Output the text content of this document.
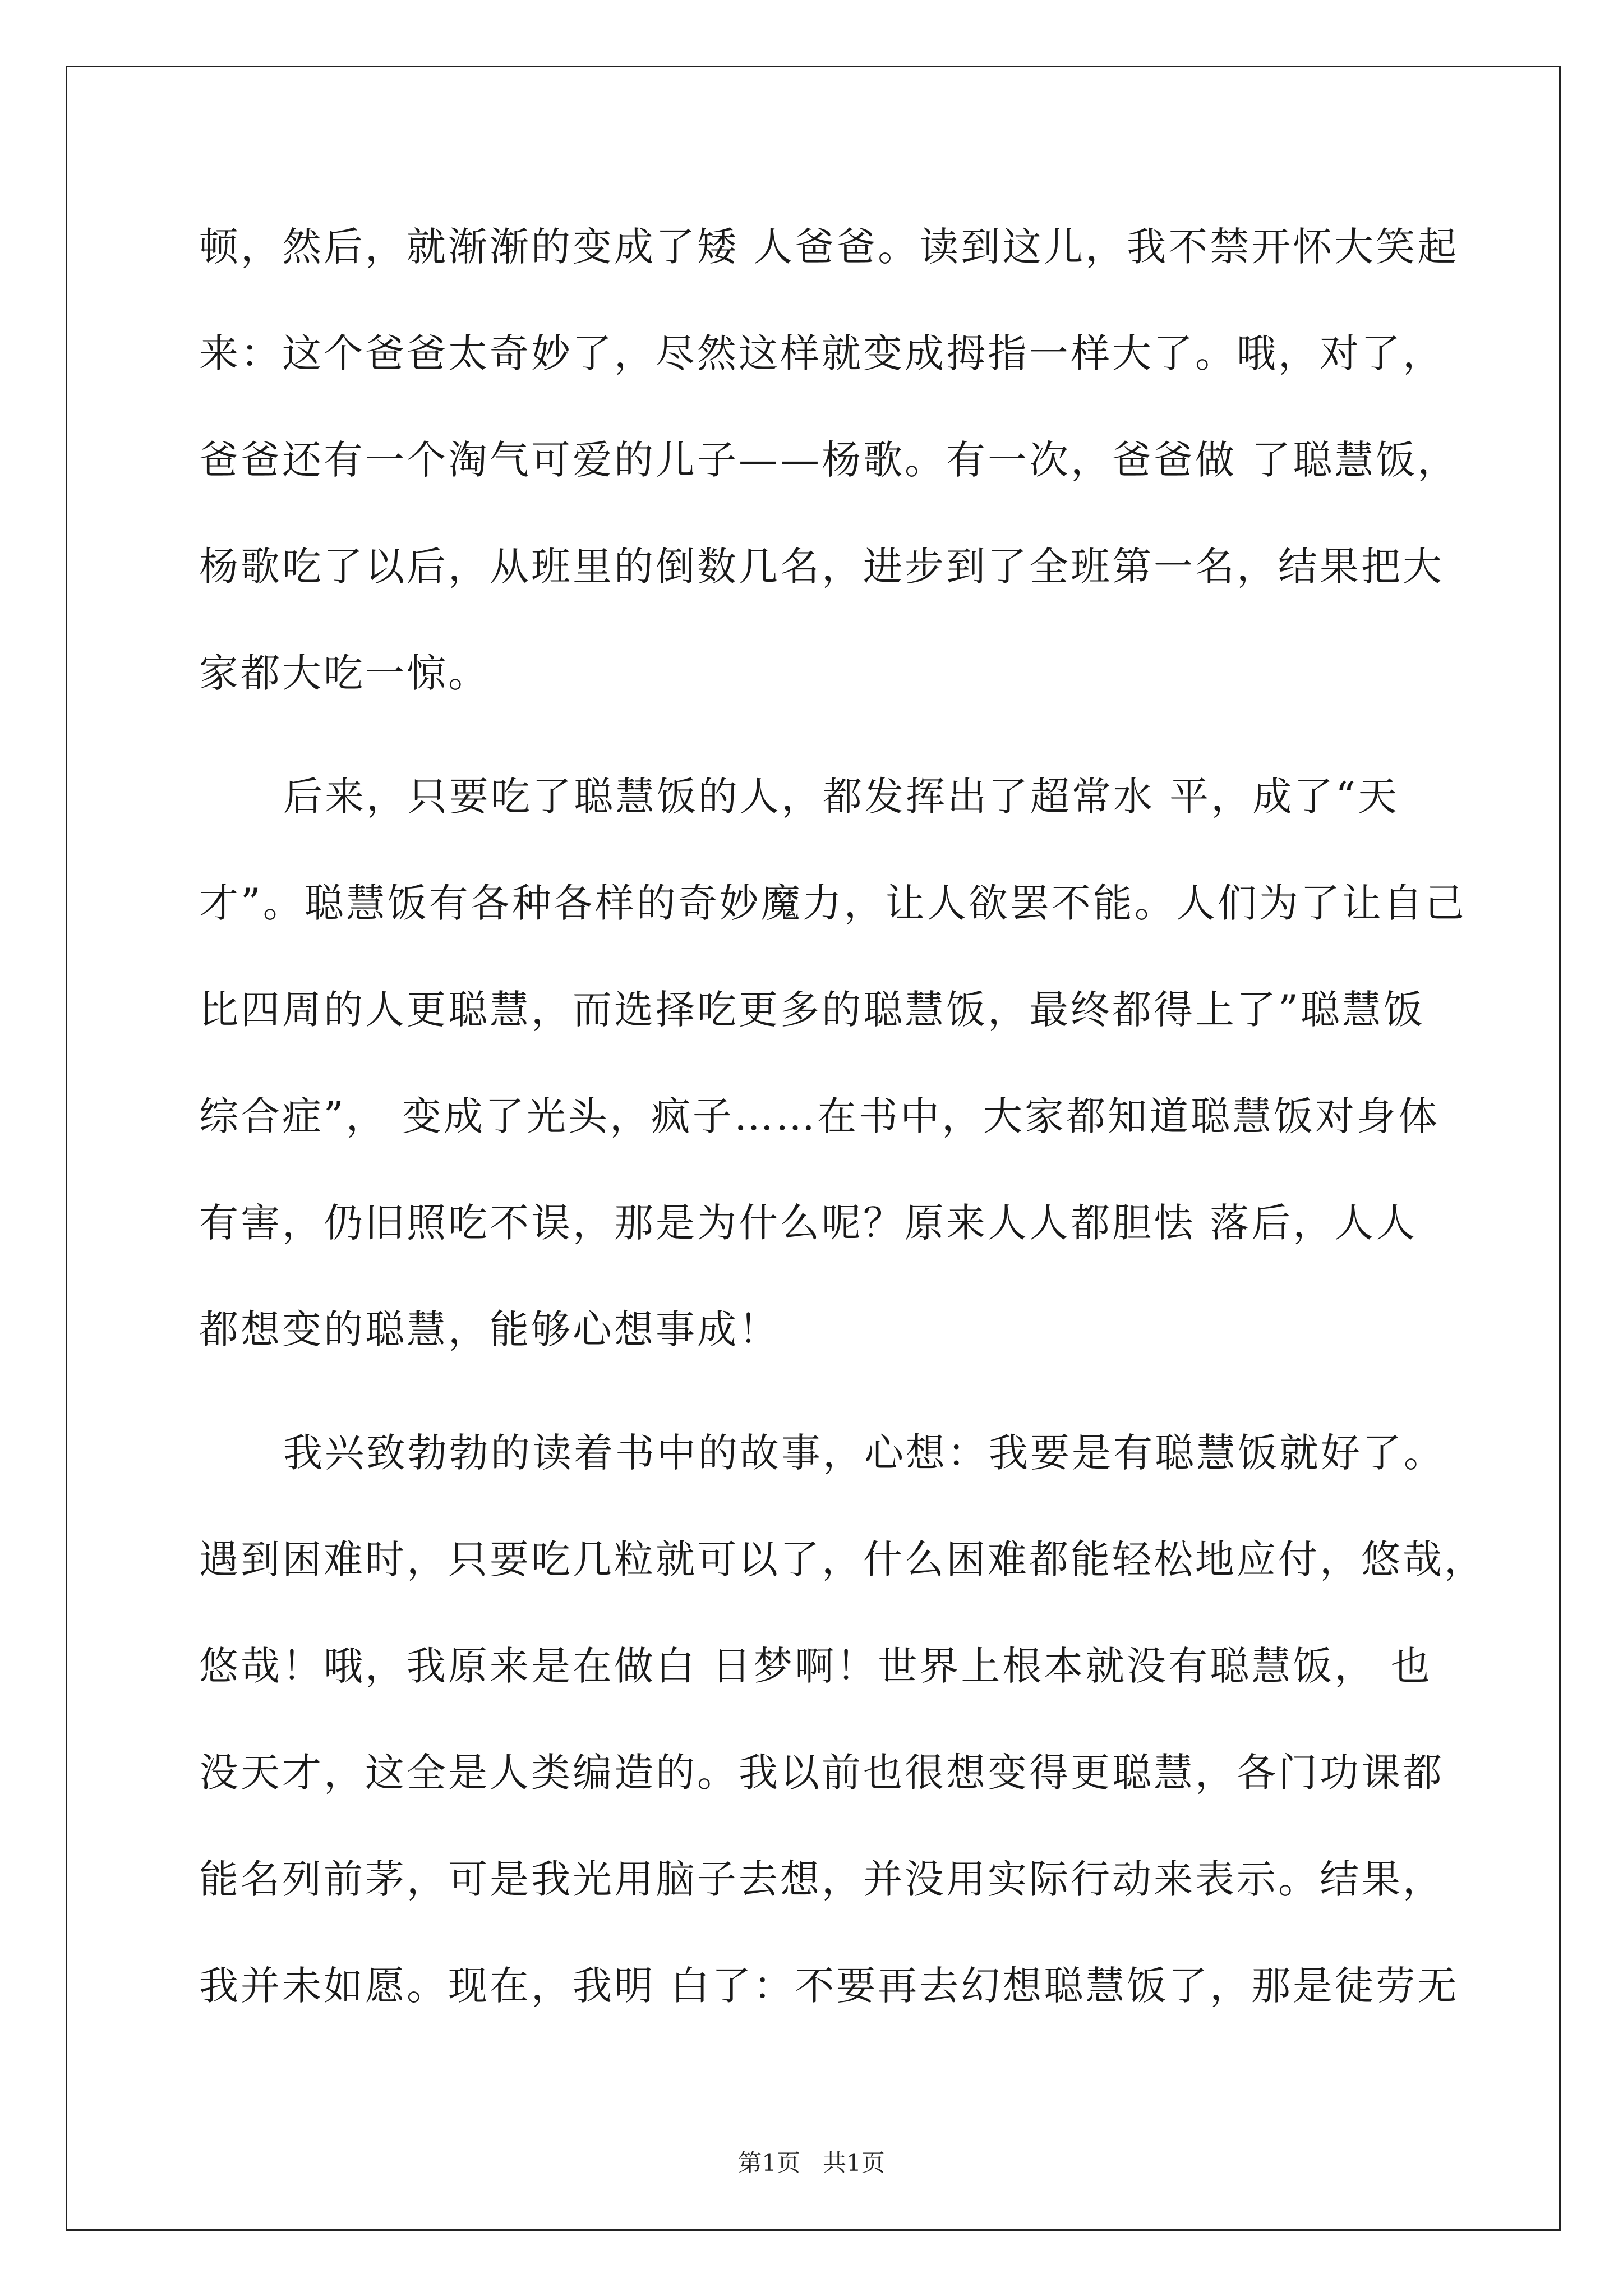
顿，然后，就渐渐的变成了矮 人爸爸。读到这儿，我不禁开怀大笑起
来：这个爸爸太奇妙了，尽然这样就变成拇指一样大了。哦，对了，
爸爸还有一个淘气可爱的儿子——杨歌。有一次，爸爸做 了聪慧饭，
杨歌吃了以后，从班里的倒数几名，进步到了全班第一名，结果把大
家都大吃一惊。
后来，只要吃了聪慧饭的人，都发挥出了超常水 平，成了“天
才”。聪慧饭有各种各样的奇妙魔力，让人欲罢不能。人们为了让自己
比四周的人更聪慧，而选择吃更多的聪慧饭，最终都得上了”聪慧饭
综合症”， 变成了光头，疯子……在书中，大家都知道聪慧饭对身体
有害，仍旧照吃不误，那是为什么呢？原来人人都胆怯 落后，人人
都想变的聪慧，能够心想事成！
我兴致勃勃的读着书中的故事，心想：我要是有聪慧饭就好了。
遇到困难时，只要吃几粒就可以了，什么困难都能轻松地应付，悠哉，
悠哉！哦，我原来是在做白 日梦啊！世界上根本就没有聪慧饭， 也
没天才，这全是人类编造的。我以前也很想变得更聪慧，各门功课都
能名列前茅，可是我光用脑子去想，并没用实际行动来表示。结果，
我并未如愿。现在，我明 白了：不要再去幻想聪慧饭了，那是徒劳无
第1页   共1页
